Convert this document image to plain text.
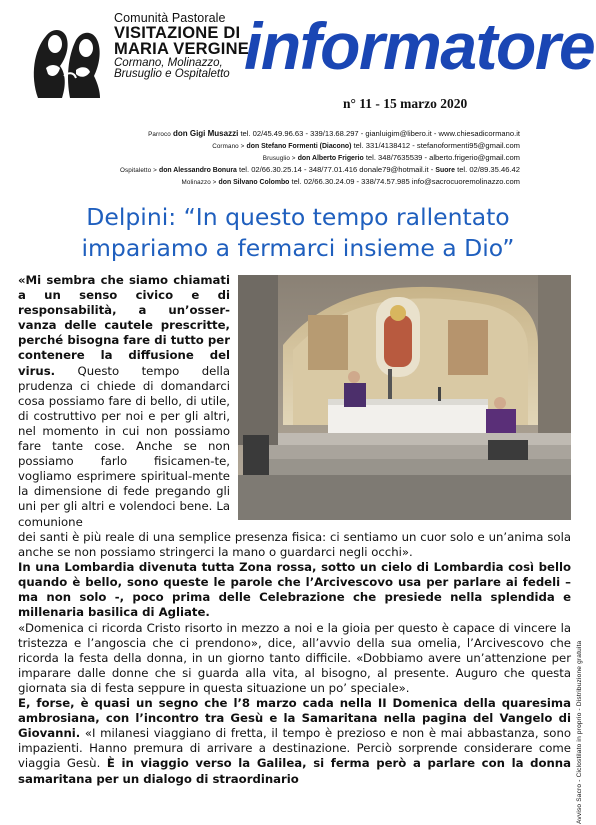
Comunità Pastorale
VISITAZIONE DI
MARIA VERGINE
Cormano, Molinazzo,
Brusuglio e Ospitaletto informatore
n° 11 - 15 marzo 2020
Parroco don Gigi Musazzi tel. 02/45.49.96.63 - 339/13.68.297 - gianluigim@libero.it - www.chiesadicormano.it
Cormano > don Stefano Formenti (Diacono) tel. 331/4138412 - stefanoformenti95@gmail.com
Brusuglio > don Alberto Frigerio tel. 348/7635539 - alberto.frigerio@gmail.com
Ospitaletto > don Alessandro Bonura tel. 02/66.30.25.14 - 348/77.01.416 donale79@hotmail.it - Suore tel. 02/89.35.46.42
Molinazzo > don Silvano Colombo tel. 02/66.30.24.09 - 338/74.57.985 info@sacrocuoremolinazzo.com
Delpini: “In questo tempo rallentato
impariamo a fermarci insieme a Dio”

«Mi sembra che siamo chiamati a un senso civico e di responsabilità, a un’osser-vanza delle cautele prescritte, perché bisogna fare di tutto per contenere la diffusione del virus. Questo tempo della prudenza ci chiede di domandarci cosa possiamo fare di bello, di utile, di costruttivo per noi e per gli altri, nel momento in cui non possiamo fare tante cose. Anche se non possiamo farlo fisicamen-te, vogliamo esprimere spiritual-mente la dimensione di fede pregando gli uni per gli altri e volendoci bene. La comunione

dei santi è più reale di una semplice presenza fisica: ci sentiamo un cuor solo e un’anima sola anche se non possiamo stringerci la mano o guardarci negli occhi».

In una Lombardia divenuta tutta Zona rossa, sotto un cielo di Lombardia così bello quando è bello, sono queste le parole che l’Arcivescovo usa per parlare ai fedeli – ma non solo -, poco prima delle Celebrazione che presiede nella splendida e millenaria basilica di Agliate.

«Domenica ci ricorda Cristo risorto in mezzo a noi e la gioia per questo è capace di vincere la tristezza e l’angoscia che ci prendono», dice, all’avvio della sua omelia, l’Arcivescovo che ricorda la festa della donna, in un giorno tanto difficile. «Dobbiamo avere un’attenzione per imparare dalle donne che si guarda alla vita, al bisogno, al presente. Auguro che questa giornata sia di festa seppure in questa situazione un po’ speciale».

E, forse, è quasi un segno che l’8 marzo cada nella II Domenica della quaresima ambrosiana, con l’incontro tra Gesù e la Samaritana nella pagina del Vangelo di Giovanni. «I milanesi viaggiano di fretta, il tempo è prezioso e non è mai abbastanza, sono impazienti. Hanno premura di arrivare a destinazione. Perciò sorprende considerare come viaggia Gesù. È in viaggio verso la Galilea, si ferma però a parlare con la donna samaritana per un dialogo di straordinario	Avviso Sacro - Ciclostilato in proprio - Distribuzione gratuita
